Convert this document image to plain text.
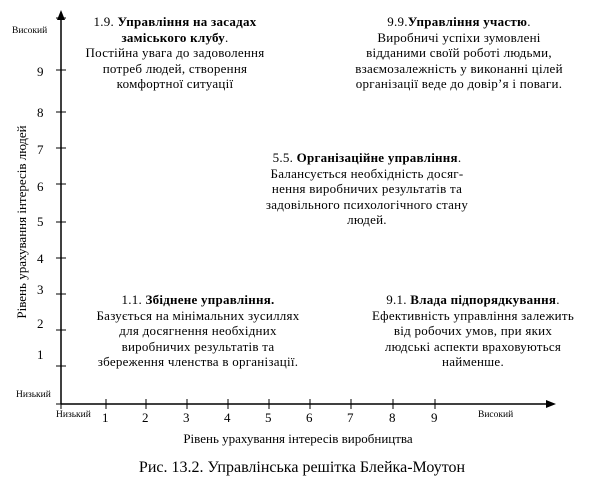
Високий
Низький
Низький	Високий
1
2
3
4
5
6
7
8
9
1	2	3	4	5	6	7	8	9
Рівень урахування інтересів людей
Рівень урахування інтересів виробництва
1.9. Управління на засадах
заміського клубу.
Постійна увага до задоволення
потреб людей, створення
комфортної ситуації
9.9.Управління участю.
Виробничі успіхи зумовлені
відданими своїй роботі людьми,
взаємозалежність у виконанні цілей
організації веде до довір’я і поваги.
5.5. Організаційне управління.
Балансується необхідність досяг-
нення виробничих результатів та
задовільного психологічного стану
людей.
1.1. Збіднене управління.
Базується на мінімальних зусиллях
для досягнення необхідних
виробничих результатів та
збереження членства в організації.
9.1. Влада підпорядкування.
Ефективність управління залежить
від робочих умов, при яких
людські аспекти враховуються
найменше.
Рис. 13.2. Управлінська решітка Блейка-Моутон
